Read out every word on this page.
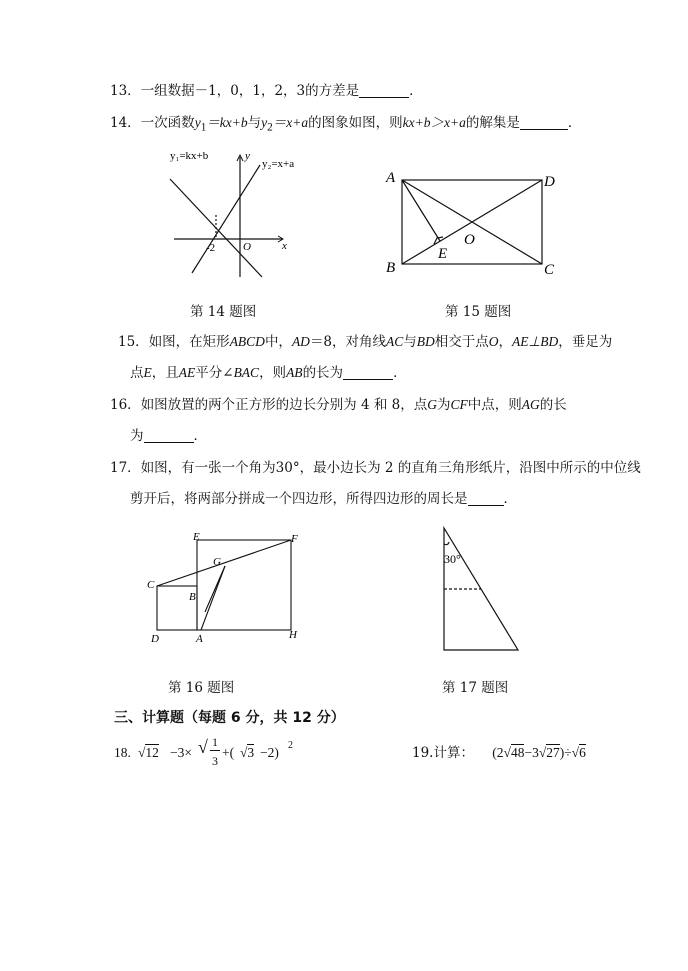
13．一组数据－1，0，1，2，3的方差是	．
14．一次函数$y_1=kx+b$与$y_2=x+a$的图象如图，则kx+b＞x+a的解集是	．
y₁=kx+b
y₂=x+a
y
x
O
-2
第 14 题图
A	D
B	C
E
O
第 15 题图
15．如图，在矩形ABCD中，AD＝8，对角线AC与BD相交于点O，AE⊥BD，垂足为
点E，且AE平分∠BAC，则AB的长为	．
16．如图放置的两个正方形的边长分别为 4 和 8，点G为CF中点，则AG的长
为	．
17．如图，有一张一个角为30°，最小边长为 2 的直角三角形纸片，沿图中所示的中位线
剪开后，将两部分拼成一个四边形，所得四边形的周长是	．
E	F
G
C
B
D	A	H
第 16 题图
30°
第 17 题图
三、计算题（每题 6 分，共 12 分）
18. √12 −3× √ 1
3
+( √3 −2) 2	19.计算： (2√48−3√27)÷√6
